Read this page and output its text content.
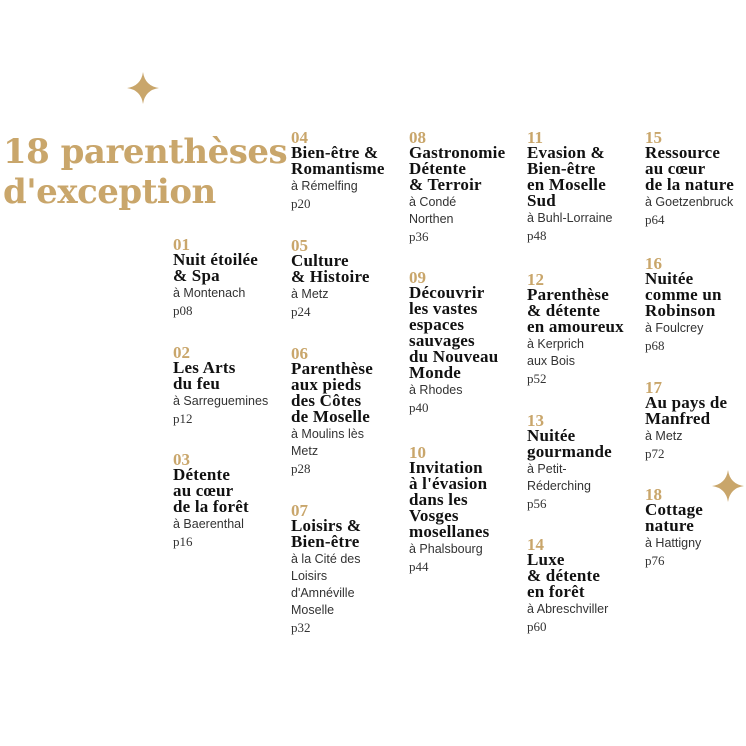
18 parenthèses
d'exception
01
Nuit étoilée
& Spa
à Montenach
p08
02
Les Arts
du feu
à Sarreguemines
p12
03
Détente
au cœur
de la forêt
à Baerenthal
p16
04
Bien-être &
Romantisme
à Rémelfing
p20
05
Culture
& Histoire
à Metz
p24
06
Parenthèse
aux pieds
des Côtes
de Moselle
à Moulins lès
Metz
p28
07
Loisirs &
Bien-être
à la Cité des
Loisirs
d'Amnéville
Moselle
p32
08
Gastronomie
Détente
& Terroir
à Condé
Northen
p36
09
Découvrir
les vastes
espaces
sauvages
du Nouveau
Monde
à Rhodes
p40
10
Invitation
à l'évasion
dans les
Vosges
mosellanes
à Phalsbourg
p44
11
Evasion &
Bien-être
en Moselle
Sud
à Buhl-Lorraine
p48
12
Parenthèse
& détente
en amoureux
à Kerprich
aux Bois
p52
13
Nuitée
gourmande
à Petit-
Réderching
p56
14
Luxe
& détente
en forêt
à Abreschviller
p60
15
Ressource
au cœur
de la nature
à Goetzenbruck
p64
16
Nuitée
comme un
Robinson
à Foulcrey
p68
17
Au pays de
Manfred
à Metz
p72
18
Cottage
nature
à Hattigny
p76
